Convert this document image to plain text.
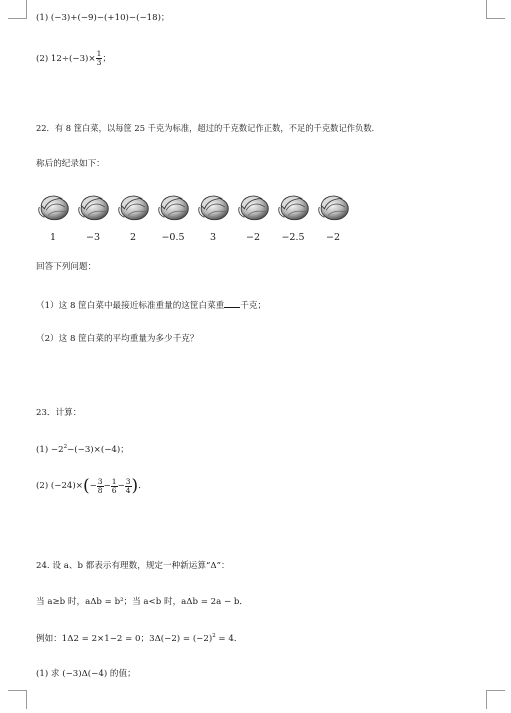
(1) (−3)+(−9)−(+10)−(−18)；
(2) $12\div(-3)\times \frac{1}{3}$ ；
22．有 8 筐白菜，以每筐 25 千克为标准，超过的千克数记作正数，不足的千克数记作负数．
称后的纪录如下：
1	−3	2	−0.5	3	−2	−2.5	−2
回答下列问题：
（1）这 8 筐白菜中最接近标准重量的这筐白菜重 千克；
（2）这 8 筐白菜的平均重量为多少千克？
23．计算：
$(1) -2^2-(-3)\times(-4)$；
(2) $(-24)\times(- \frac{3}{8} - \frac{1}{6} - \frac{3}{4}$ )．
24. 设 a、b 都表示有理数，规定一种新运算“Δ”：
当 a≥b 时，aΔb = b²；当 a<b 时，aΔb = 2a − b．
例如：1Δ2 = 2×1−2 = 0；$3\Delta(-2) = (-2)^2 = 4$．
(1) 求 (−3)Δ(−4) 的值；
